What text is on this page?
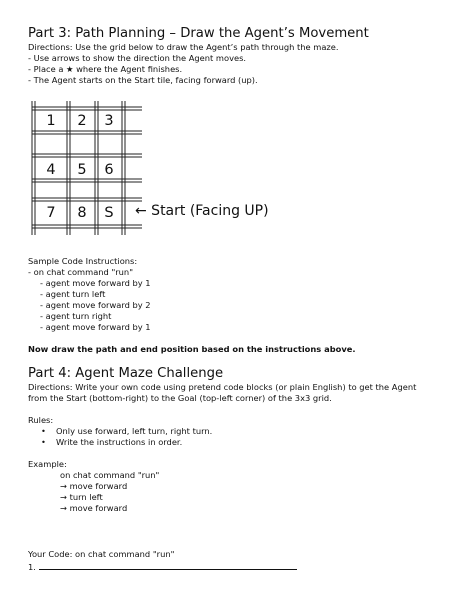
Part 3: Path Planning – Draw the Agent’s Movement

Directions: Use the grid below to draw the Agent’s path through the maze.

- Use arrows to show the direction the Agent moves.

- Place a ★ where the Agent finishes.

- The Agent starts on the Start tile, facing forward (up).

1	2	3
4	5	6
7	8	S	← Start (Facing UP)

Sample Code Instructions:

- on chat command "run"

- agent move forward by 1

- agent turn left

- agent move forward by 2

- agent turn right

- agent move forward by 1

Now draw the path and end position based on the instructions above.

Part 4: Agent Maze Challenge

Directions: Write your own code using pretend code blocks (or plain English) to get the Agent

from the Start (bottom-right) to the Goal (top-left corner) of the 3x3 grid.

Rules:

• Only use forward, left turn, right turn.

• Write the instructions in order.

Example:

on chat command "run"

→ move forward

→ turn left

→ move forward

Your Code: on chat command "run"

1.
